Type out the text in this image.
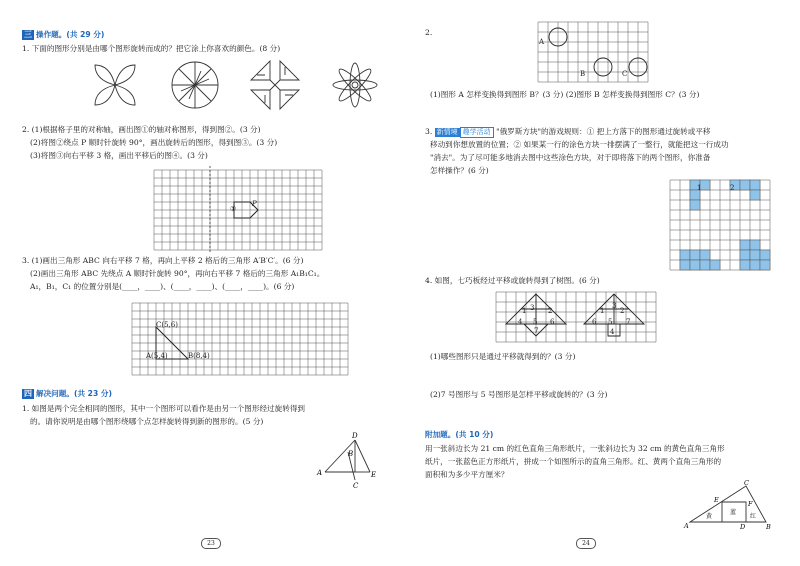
三 操作题。(共 29 分)
1. 下面的图形分别是由哪个图形旋转而成的？把它涂上你喜欢的颜色。(8 分)
2. (1)根据格子里的对称轴，画出图①的轴对称图形，得到图②。(3 分)
(2)将图②绕点 P 顺时针旋转 90°，画出旋转后的图形，得到图③。(3 分)
(3)将图③向右平移 3 格，画出平移后的图④。(3 分)
①
P
3. (1)画出三角形 ABC 向右平移 7 格，再向上平移 2 格后的三角形 A′B′C′。(6 分)
(2)画出三角形 ABC 先绕点 A 顺时针旋转 90°，再向右平移 7 格后的三角形 A₁B₁C₁。
A₁，B₁，C₁ 的位置分别是(____，____)、(____，____)、(____，____)。(6 分)
C(5,6)
A(5,4)	B(8,4)
四 解决问题。(共 23 分)
1. 如图是两个完全相同的图形，其中一个图形可以看作是由另一个图形经过旋转得到
的。请你说明是由哪个图形绕哪个点怎样旋转得到新的图形的。(5 分)
D
B
A
C
E
23
2.
A
B	C
(1)图形 A 怎样变换得到图形 B？(3 分) (2)图形 B 怎样变换得到图形 C？(3 分)
3. 新情境 趣学活动 "俄罗斯方块"的游戏规则：① 把上方落下的图形通过旋转或平移
移动到你想放置的位置；② 如果某一行的涂色方块一排摆满了一整行，就能把这一行成功
"消去"。为了尽可能多地消去图中这些涂色方块，对于即将落下的两个图形，你准备
怎样操作？(6 分)
1	2
4. 如图，七巧板经过平移或旋转得到了树图。(6 分)
1 3 2
4 5 6
7
1 2
3
6 5 7
4
(1)哪些图形只是通过平移就得到的？(3 分)
(2)7 号图形与 5 号图形是怎样平移或旋转的？(3 分)
附加题。(共 10 分)
用一张斜边长为 21 cm 的红色直角三角形纸片，一张斜边长为 32 cm 的黄色直角三角形
纸片，一张蓝色正方形纸片，拼成一个如图所示的直角三角形。红、黄两个直角三角形的
面积和为多少平方厘米？
C
E	F
A	D	B
蓝
黄	红
24
